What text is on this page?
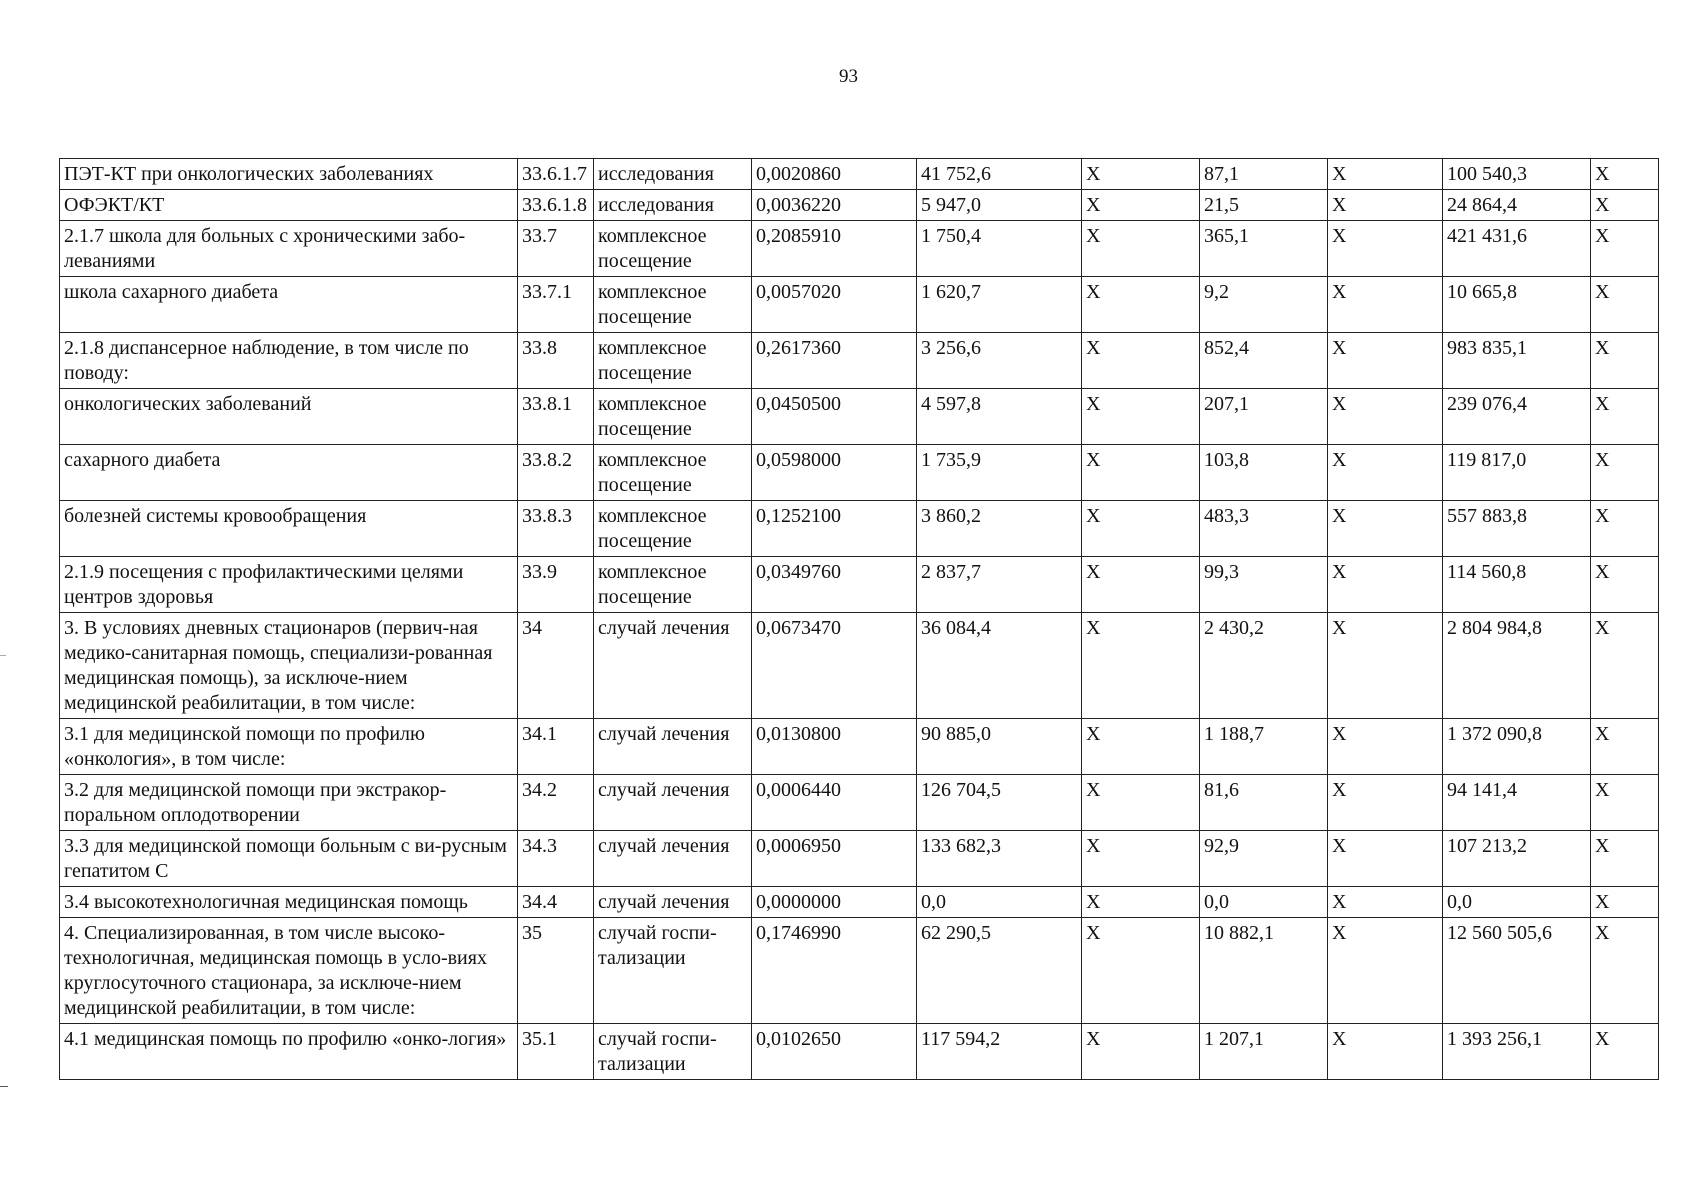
93
ПЭТ-КТ при онкологических заболеваниях	33.6.1.7	исследования	0,0020860	41 752,6	Х	87,1	Х	100 540,3	Х
ОФЭКТ/КТ	33.6.1.8	исследования	0,0036220	5 947,0	Х	21,5	Х	24 864,4	Х
2.1.7 школа для больных с хроническими забо-левaниями	33.7	комплексное посещение	0,2085910	1 750,4	Х	365,1	Х	421 431,6	Х
школа сахарного диабета	33.7.1	комплексное посещение	0,0057020	1 620,7	Х	9,2	Х	10 665,8	Х
2.1.8 диспансерное наблюдение, в том числе по поводу:	33.8	комплексное посещение	0,2617360	3 256,6	Х	852,4	Х	983 835,1	Х
онкологических заболеваний	33.8.1	комплексное посещение	0,0450500	4 597,8	Х	207,1	Х	239 076,4	Х
сахарного диабета	33.8.2	комплексное посещение	0,0598000	1 735,9	Х	103,8	Х	119 817,0	Х
болезней системы кровообращения	33.8.3	комплексное посещение	0,1252100	3 860,2	Х	483,3	Х	557 883,8	Х
2.1.9 посещения с профилактическими целями центров здоровья	33.9	комплексное посещение	0,0349760	2 837,7	Х	99,3	Х	114 560,8	Х
3. В условиях дневных стационаров (первич-ная медико-санитарная помощь, специализи-рованная медицинская помощь), за исключе-нием медицинской реабилитации, в том числе:	34	случай лечения	0,0673470	36 084,4	Х	2 430,2	Х	2 804 984,8	Х
3.1 для медицинской помощи по профилю «онкология», в том числе:	34.1	случай лечения	0,0130800	90 885,0	Х	1 188,7	Х	1 372 090,8	Х
3.2 для медицинской помощи при экстракор-поральном оплодотворении	34.2	случай лечения	0,0006440	126 704,5	Х	81,6	Х	94 141,4	Х
3.3 для медицинской помощи больным с ви-русным гепатитом С	34.3	случай лечения	0,0006950	133 682,3	Х	92,9	Х	107 213,2	Х
3.4 высокотехнологичная медицинская помощь	34.4	случай лечения	0,0000000	0,0	Х	0,0	Х	0,0	Х
4. Специализированная, в том числе высоко-технологичная, медицинская помощь в усло-виях круглосуточного стационара, за исключе-нием медицинской реабилитации, в том числе:	35	случай госпи-тализации	0,1746990	62 290,5	Х	10 882,1	Х	12 560 505,6	Х
4.1 медицинская помощь по профилю «онко-логия»	35.1	случай госпи-тализации	0,0102650	117 594,2	Х	1 207,1	Х	1 393 256,1	Х
